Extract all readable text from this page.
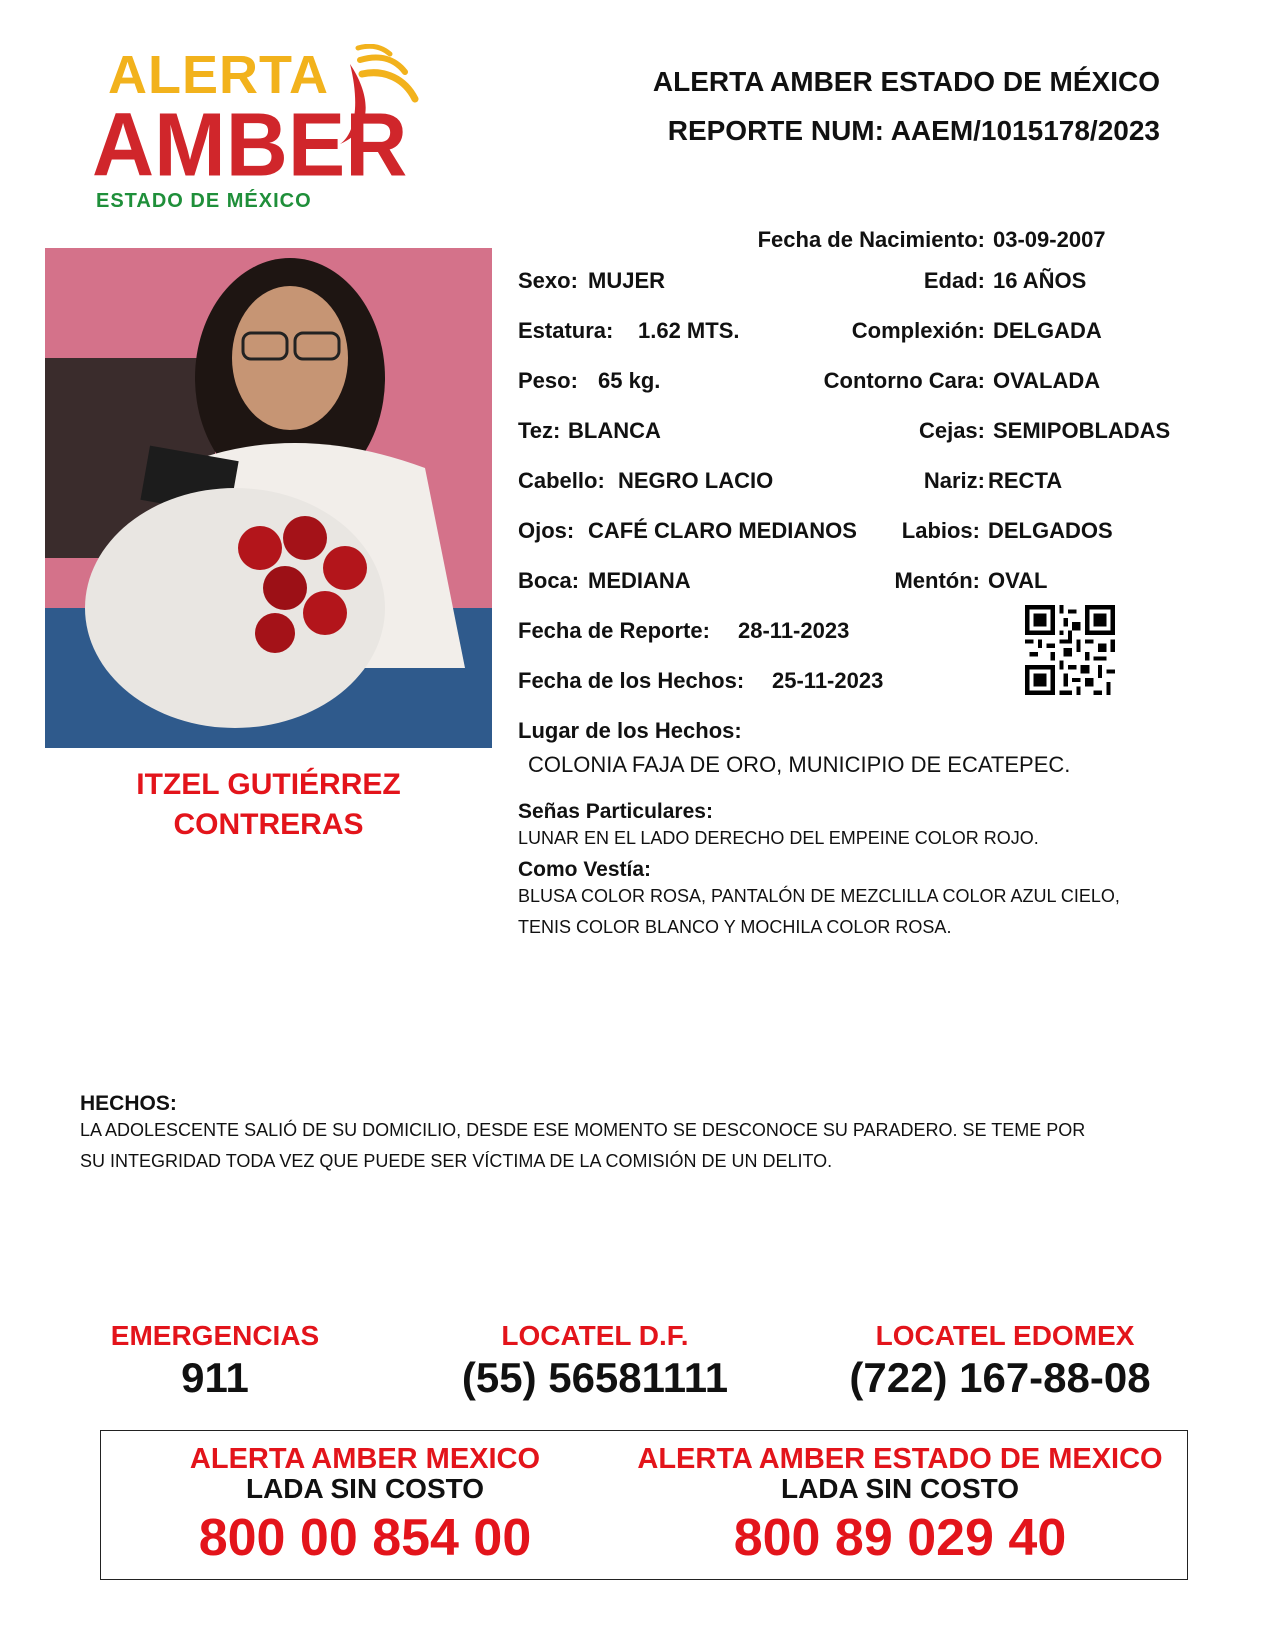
ALERTA
AMBER
ESTADO DE MÉXICO
ALERTA AMBER ESTADO DE MÉXICO
REPORTE NUM: AAEM/1015178/2023
ITZEL GUTIÉRREZ
CONTRERAS
Fecha de Nacimiento: 03-09-2007
Sexo: MUJER	Edad: 16 AÑOS
Estatura: 1.62 MTS.	Complexión: DELGADA
Peso: 65 kg.	Contorno Cara: OVALADA
Tez: BLANCA	Cejas: SEMIPOBLADAS
Cabello: NEGRO LACIO	Nariz: RECTA
Ojos: CAFÉ CLARO MEDIANOS Labios: DELGADOS
Boca: MEDIANA	Mentón: OVAL
Fecha de Reporte: 28-11-2023
Fecha de los Hechos: 25-11-2023
Lugar de los Hechos:
COLONIA FAJA DE ORO, MUNICIPIO DE ECATEPEC.
Señas Particulares:
LUNAR EN EL LADO DERECHO DEL EMPEINE COLOR ROJO.
Como Vestía:
BLUSA COLOR ROSA, PANTALÓN DE MEZCLILLA COLOR AZUL CIELO,
TENIS COLOR BLANCO Y MOCHILA COLOR ROSA.
HECHOS:
LA ADOLESCENTE SALIÓ DE SU DOMICILIO, DESDE ESE MOMENTO SE DESCONOCE SU PARADERO. SE TEME POR
SU INTEGRIDAD TODA VEZ QUE PUEDE SER VÍCTIMA DE LA COMISIÓN DE UN DELITO.
EMERGENCIAS
911
LOCATEL D.F.
(55) 56581111
LOCATEL EDOMEX
(722) 167-88-08
ALERTA AMBER MEXICO
LADA SIN COSTO
800 00 854 00
ALERTA AMBER ESTADO DE MEXICO
LADA SIN COSTO
800 89 029 40
